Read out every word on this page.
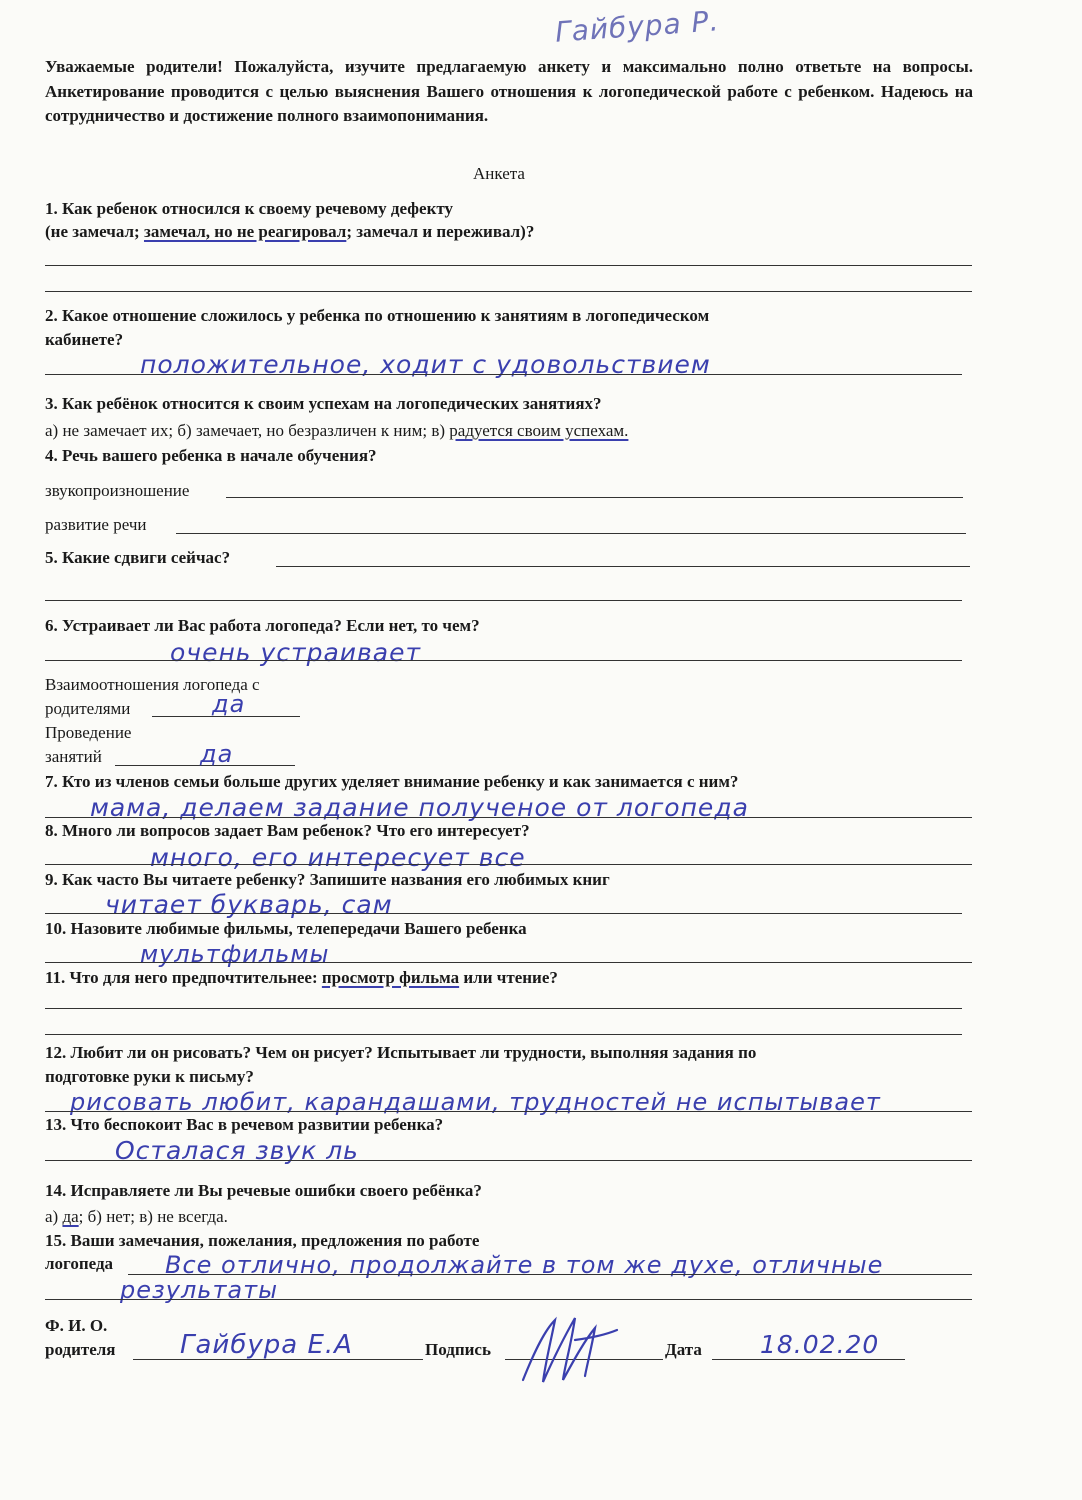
Гайбура Р.
Уважаемые родители! Пожалуйста, изучите предлагаемую анкету и максимально полно ответьте на вопросы. Анкетирование проводится с целью выяснения Вашего отношения к логопедической работе с ребенком. Надеюсь на сотрудничество и достижение полного взаимопонимания.
Анкета
1. Как ребенок относился к своему речевому дефекту
(не замечал; замечал, но не реагировал; замечал и переживал)?
2. Какое отношение сложилось у ребенка по отношению к занятиям в логопедическом
кабинете?
положительное, ходит с удовольствием
3. Как ребёнок относится к своим успехам на логопедических занятиях?
а) не замечает их; б) замечает, но безразличен к ним; в) радуется своим успехам.
4. Речь вашего ребенка в начале обучения?
звукопроизношение
развитие речи
5. Какие сдвиги сейчас?
6. Устраивает ли Вас работа логопеда? Если нет, то чем?
очень устраивает
Взаимоотношения логопеда с
родителями	да
Проведение
занятий	да
7. Кто из членов семьи больше других уделяет внимание ребенку и как занимается с ним?
мама, делаем задание полученое от логопеда
8. Много ли вопросов задает Вам ребенок? Что его интересует?
много, его интересует все
9. Как часто Вы читаете ребенку? Запишите названия его любимых книг
читает букварь, сам
10. Назовите любимые фильмы, телепередачи Вашего ребенка
мультфильмы
11. Что для него предпочтительнее: просмотр фильма или чтение?
12. Любит ли он рисовать? Чем он рисует? Испытывает ли трудности, выполняя задания по
подготовке руки к письму?
рисовать любит, карандашами, трудностей не испытывает
13. Что беспокоит Вас в речевом развитии ребенка?
Осталася звук ль
14. Исправляете ли Вы речевые ошибки своего ребёнка?
а) да; б) нет; в) не всегда.
15. Ваши замечания, пожелания, предложения по работе
логопеда Все отлично, продолжайте в том же духе, отличные
результаты
Ф. И. О.
родителя Гайбура Е.А	Подпись	Дата 18.02.20
